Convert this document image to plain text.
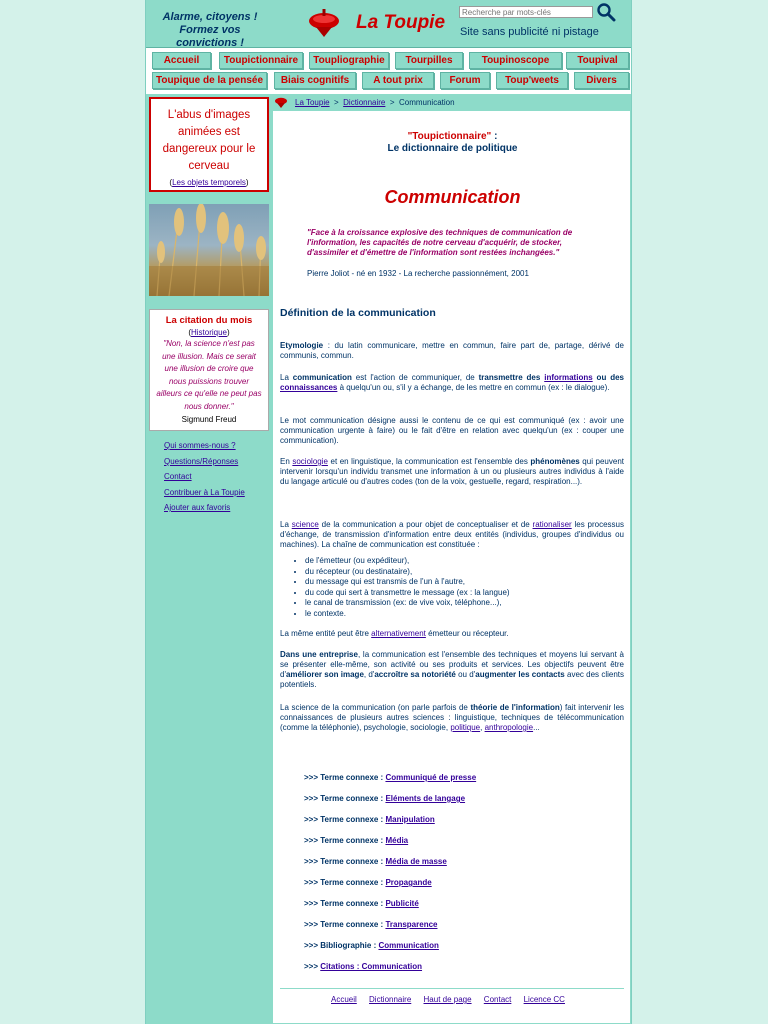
Alarme, citoyens !
Formez vos convictions !
La Toupie
Recherche par mots-clés Site sans publicité ni pistage
Accueil	Toupictionnaire	Toupliographie	Tourpilles	Toupinoscope	Toupival
Toupique de la pensée	Biais cognitifs	A tout prix	Forum	Toup'weets	Divers
L'abus d'images animées est dangereux pour le cerveau
(Les objets temporels)
La citation du mois
(Historique)
"Non, la science n'est pas une illusion. Mais ce serait une illusion de croire que nous puissions trouver ailleurs ce qu'elle ne peut pas nous donner."
Sigmund Freud
Qui sommes-nous ?
Questions/Réponses
Contact
Contribuer à La Toupie
Ajouter aux favoris
La Toupie > Dictionnaire > Communication
"Toupictionnaire" :
Le dictionnaire de politique
Communication
"Face à la croissance explosive des techniques de communication de l'information, les capacités de notre cerveau d'acquérir, de stocker, d'assimiler et d'émettre de l'information sont restées inchangées."
Pierre Joliot - né en 1932 - La recherche passionnément, 2001
Définition de la communication
Etymologie : du latin communicare, mettre en commun, faire part de, partage, dérivé de communis, commun.
La communication est l'action de communiquer, de transmettre des informations ou des connaissances à quelqu'un ou, s'il y a échange, de les mettre en commun (ex : le dialogue).
Le mot communication désigne aussi le contenu de ce qui est communiqué (ex : avoir une communication urgente à faire) ou le fait d'être en relation avec quelqu'un (ex : couper une communication).
En sociologie et en linguistique, la communication est l'ensemble des phénomènes qui peuvent intervenir lorsqu'un individu transmet une information à un ou plusieurs autres individus à l'aide du langage articulé ou d'autres codes (ton de la voix, gestuelle, regard, respiration...).
La science de la communication a pour objet de conceptualiser et de rationaliser les processus d'échange, de transmission d'information entre deux entités (individus, groupes d'individus ou machines). La chaîne de communication est constituée :
• de l'émetteur (ou expéditeur),
• du récepteur (ou destinataire),
• du message qui est transmis de l'un à l'autre,
• du code qui sert à transmettre le message (ex : la langue)
• le canal de transmission (ex: de vive voix, téléphone...),
• le contexte.
La même entité peut être alternativement émetteur ou récepteur.
Dans une entreprise, la communication est l'ensemble des techniques et moyens lui servant à se présenter elle-même, son activité ou ses produits et services. Les objectifs peuvent être d'améliorer son image, d'accroître sa notoriété ou d'augmenter les contacts avec des clients potentiels.
La science de la communication (on parle parfois de théorie de l'information) fait intervenir les connaissances de plusieurs autres sciences : linguistique, techniques de télécommunication (comme la téléphonie), psychologie, sociologie, politique, anthropologie...
>>> Terme connexe : Communiqué de presse
>>> Terme connexe : Eléments de langage
>>> Terme connexe : Manipulation
>>> Terme connexe : Média
>>> Terme connexe : Média de masse
>>> Terme connexe : Propagande
>>> Terme connexe : Publicité
>>> Terme connexe : Transparence
>>> Bibliographie : Communication
>>> Citations : Communication
Accueil Dictionnaire Haut de page Contact Licence CC
